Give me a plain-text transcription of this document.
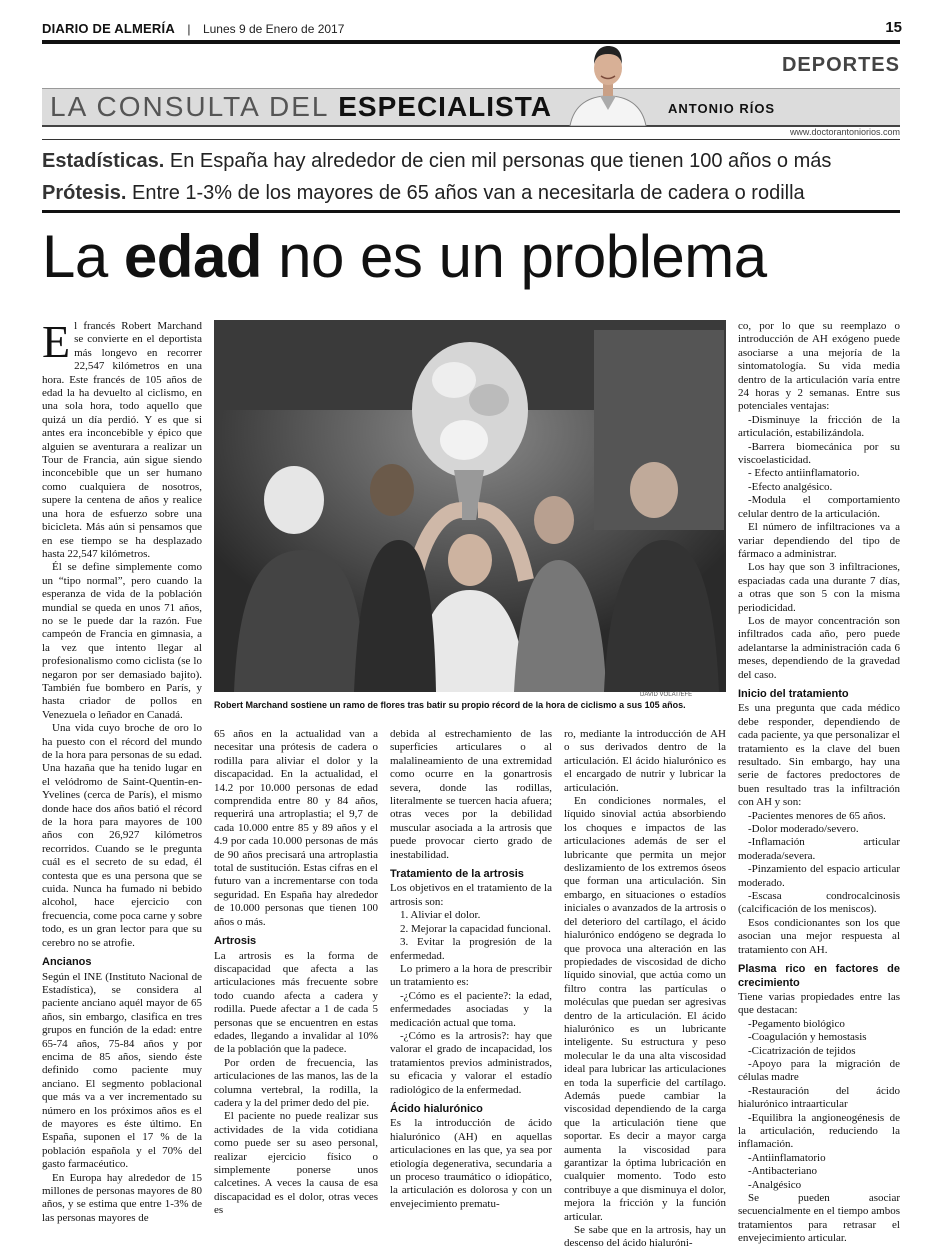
DIARIO DE ALMERÍA | Lunes 9 de Enero de 2017	15
DEPORTES
LA CONSULTA DEL ESPECIALISTA	ANTONIO RÍOS
www.doctorantoniorios.com
Estadísticas. En España hay alrededor de cien mil personas que tienen 100 años o más
Prótesis. Entre 1-3% de los mayores de 65 años van a necesitarla de cadera o rodilla
La edad no es un problema
DAVID VOLAT/EFE
Robert Marchand sostiene un ramo de flores tras batir su propio récord de la hora de ciclismo a sus 105 años.

El francés Robert Marchand se convierte en el deportista más longevo en recorrer 22,547 kilómetros en una hora. Este francés de 105 años de edad la ha devuelto al ciclismo, en una sola hora, todo aquello que quizá un día perdió. Y es que si antes era inconcebible y épico que alguien se aventurara a realizar un Tour de Francia, aún sigue siendo inconcebible que un ser humano como cualquiera de nosotros, supere la centena de años y realice una hora de esfuerzo sobre una bicicleta. Más aún si pensamos que en ese tiempo se ha desplazado hasta 22,547 kilómetros.

Él se define simplemente como un “tipo normal”, pero cuando la esperanza de vida de la población mundial se queda en unos 71 años, no se le puede dar la razón. Fue campeón de Francia en gimnasia, a la vez que intento llegar al profesionalismo como ciclista (se lo negaron por ser demasiado bajito). También fue bombero en París, y hasta criador de pollos en Venezuela o leñador en Canadá.

Una vida cuyo broche de oro lo ha puesto con el récord del mundo de la hora para personas de su edad. Una hazaña que ha tenido lugar en el velódromo de Saint-Quentin-en-Yvelines (cerca de París), el mismo donde hace dos años batió el récord de la hora para mayores de 100 años con 26,927 kilómetros recorridos. Cuando se le pregunta cuál es el secreto de su edad, él contesta que es una persona que se cuida. Nunca ha fumado ni bebido alcohol, hace ejercicio con frecuencia, come poca carne y sobre todo, es un gran lector para que su cerebro no se atrofie.

Ancianos

Según el INE (Instituto Nacional de Estadística), se considera al paciente anciano aquél mayor de 65 años, sin embargo, clasifica en tres grupos en función de la edad: entre 65-74 años, 75-84 años y por encima de 85 años, siendo éste definido como paciente muy anciano. El segmento poblacional que más va a ver incrementado su número en los próximos años es el de mayores es éste último. En España, suponen el 17 % de la población española y el 70% del gasto farmacéutico.

En Europa hay alrededor de 15 millones de personas mayores de 80 años, y se estima que entre 1-3% de las personas mayores de

65 años en la actualidad van a necesitar una prótesis de cadera o rodilla para aliviar el dolor y la discapacidad. En la actualidad, el 14.2 por 10.000 personas de edad comprendida entre 80 y 84 años, requerirá una artroplastia; el 9,7 de cada 10.000 entre 85 y 89 años y el 4.9 por cada 10.000 personas de más de 90 años precisará una artroplastia total de sustitución. Estas cifras en el futuro van a incrementarse con toda seguridad. En España hay alrededor de 10.000 personas que tienen 100 años o más.

Artrosis

La artrosis es la forma de discapacidad que afecta a las articulaciones más frecuente sobre todo cuando afecta a cadera y rodilla. Puede afectar a 1 de cada 5 personas que se encuentren en estas edades, llegando a invalidar al 10% de la población que la padece.

Por orden de frecuencia, las articulaciones de las manos, las de la columna vertebral, la rodilla, la cadera y la del primer dedo del pie.

El paciente no puede realizar sus actividades de la vida cotidiana como puede ser su aseo personal, realizar ejercicio físico o simplemente ponerse unos calcetines. A veces la causa de esa discapacidad es el dolor, otras veces es

debida al estrechamiento de las superficies articulares o al malalineamiento de una extremidad como ocurre en la gonartrosis severa, donde las rodillas, literalmente se tuercen hacia afuera; otras veces por la debilidad muscular asociada a la artrosis que puede provocar cierto grado de inestabilidad.

Tratamiento de la artrosis

Los objetivos en el tratamiento de la artrosis son:

1. Aliviar el dolor.

2. Mejorar la capacidad funcional.

3. Evitar la progresión de la enfermedad.

Lo primero a la hora de prescribir un tratamiento es:

-¿Cómo es el paciente?: la edad, enfermedades asociadas y la medicación actual que toma.

-¿Cómo es la artrosis?: hay que valorar el grado de incapacidad, los tratamientos previos administrados, su eficacia y valorar el estadío radiológico de la enfermedad.

Ácido hialurónico

Es la introducción de ácido hialurónico (AH) en aquellas articulaciones en las que, ya sea por etiología degenerativa, secundaria a un proceso traumático o idiopático, la articulación es dolorosa y con un envejecimiento prematu-

ro, mediante la introducción de AH o sus derivados dentro de la articulación. El ácido hialurónico es el encargado de nutrir y lubricar la articulación.

En condiciones normales, el líquido sinovial actúa absorbiendo los choques e impactos de las articulaciones además de ser el lubricante que permita un mejor deslizamiento de los extremos óseos que forman una articulación. Sin embargo, en situaciones o estadíos iniciales o avanzados de la artrosis o del deterioro del cartílago, el ácido hialurónico endógeno se degrada lo que provoca una alteración en las propiedades de viscosidad de dicho líquido sinovial, que actúa como un filtro contra las partículas o moléculas que puedan ser agresivas dentro de la articulación. El ácido hialurónico es un lubricante inteligente. Su estructura y peso molecular le da una alta viscosidad ideal para lubricar las articulaciones en toda la superficie del cartílago. Además puede cambiar la viscosidad dependiendo de la carga que la articulación tiene que soportar. Es decir a mayor carga aumenta la viscosidad para garantizar la óptima lubricación en cualquier momento. Todo esto contribuye a que disminuya el dolor, mejora la fricción y la función articular.

Se sabe que en la artrosis, hay un descenso del ácido hialuróni-

co, por lo que su reemplazo o introducción de AH exógeno puede asociarse a una mejoría de la sintomatología. Su vida media dentro de la articulación varía entre 24 horas y 2 semanas. Entre sus potenciales ventajas:

-Disminuye la fricción de la articulación, estabilizándola.

-Barrera biomecánica por su viscoelasticidad.

- Efecto antiinflamatorio.

-Efecto analgésico.

-Modula el comportamiento celular dentro de la articulación.

El número de infiltraciones va a variar dependiendo del tipo de fármaco a administrar.

Los hay que son 3 infiltraciones, espaciadas cada una durante 7 días, a otras que son 5 con la misma periodicidad.

Los de mayor concentración son infiltrados cada año, pero puede adelantarse la administración cada 6 meses, dependiendo de la gravedad del caso.

Inicio del tratamiento

Es una pregunta que cada médico debe responder, dependiendo de cada paciente, ya que personalizar el tratamiento es la clave del buen resultado. Sin embargo, hay una serie de factores predoctores de buen resultado tras la infiltración con AH y son:

-Pacientes menores de 65 años.

-Dolor moderado/severo.

-Inflamación articular moderada/severa.

-Pinzamiento del espacio articular moderado.

-Escasa condrocalcinosis (calcificación de los meniscos).

Esos condicionantes son los que asocian una mejor respuesta al tratamiento con AH.

Plasma rico en factores de crecimiento

Tiene varias propiedades entre las que destacan:

-Pegamento biológico

-Coagulación y hemostasis

-Cicatrización de tejidos

-Apoyo para la migración de células madre

-Restauración del ácido hialurónico intraarticular

-Equilibra la angioneogénesis de la articulación, reduciendo la inflamación.

-Antiinflamatorio

-Antibacteriano

-Analgésico

Se pueden asociar secuencialmente en el tiempo ambos tratamientos para retrasar el envejecimiento articular.
